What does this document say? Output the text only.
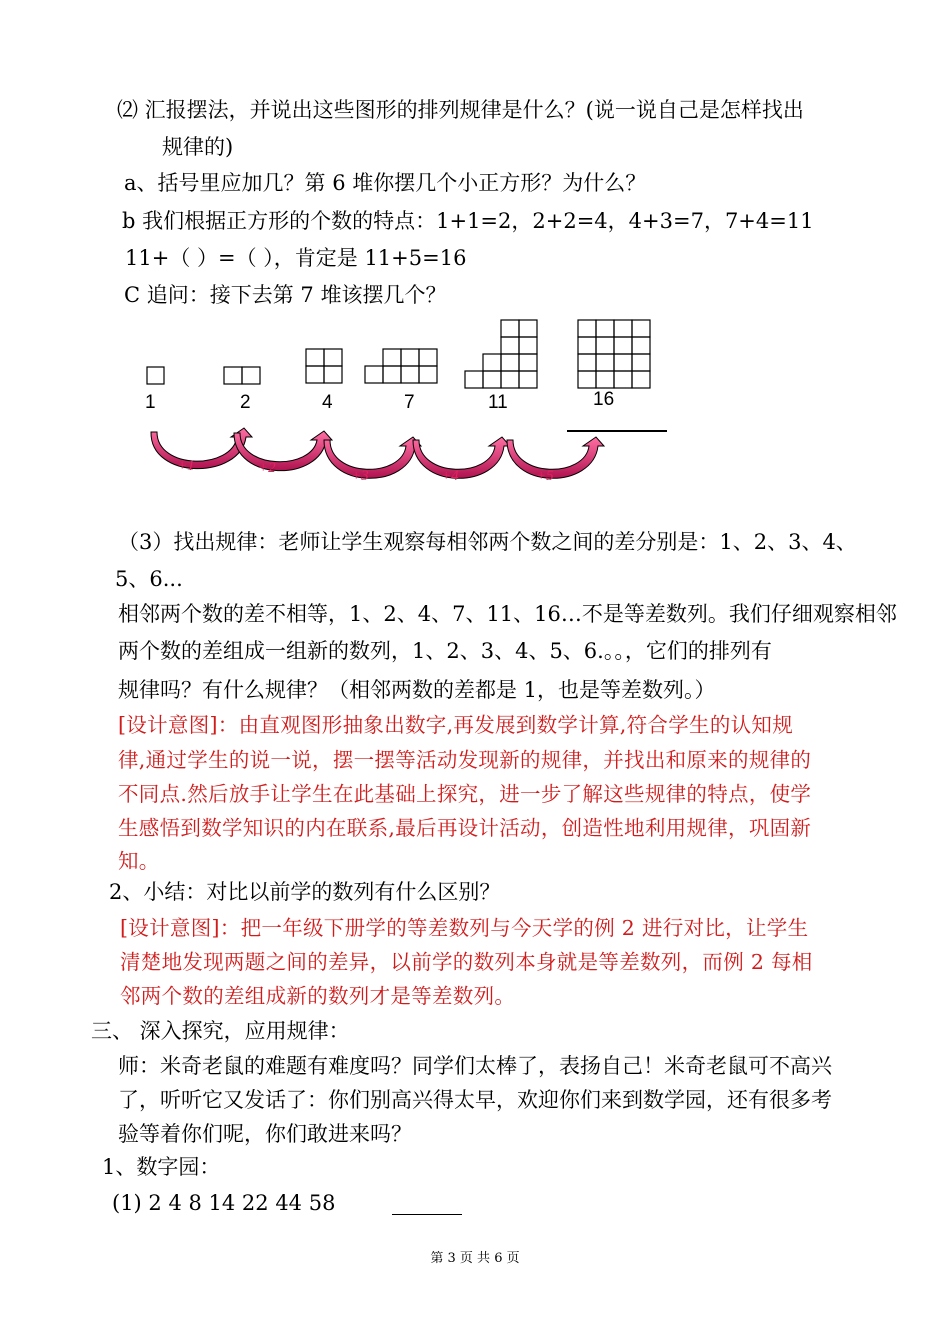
⑵ 汇报摆法，并说出这些图形的排列规律是什么？(说一说自己是怎样找出
规律的)
a、括号里应加几？第 6 堆你摆几个小正方形？为什么？
b 我们根据正方形的个数的特点：1+1=2，2+2=4，4+3=7，7+4=11
11+（ ）=（ ），肯定是 11+5=16
C 追问：接下去第 7 堆该摆几个？
1	2	4	7	11	16
+1	+2	+3	+4	+5
（3）找出规律：老师让学生观察每相邻两个数之间的差分别是：1、2、3、4、
5、6...
相邻两个数的差不相等，1、2、4、7、11、16…不是等差数列。我们仔细观察相邻
两个数的差组成一组新的数列，1、2、3、4、5、6.。。，它们的排列有
规律吗？有什么规律？（相邻两数的差都是 1，也是等差数列。）
[设计意图]：由直观图形抽象出数字,再发展到数学计算,符合学生的认知规
律,通过学生的说一说，摆一摆等活动发现新的规律，并找出和原来的规律的
不同点.然后放手让学生在此基础上探究，进一步了解这些规律的特点，使学
生感悟到数学知识的内在联系,最后再设计活动，创造性地利用规律，巩固新
知。
2、小结：对比以前学的数列有什么区别？
[设计意图]：把一年级下册学的等差数列与今天学的例 2 进行对比，让学生
清楚地发现两题之间的差异，以前学的数列本身就是等差数列，而例 2 每相
邻两个数的差组成新的数列才是等差数列。
三、 深入探究，应用规律：
师：米奇老鼠的难题有难度吗？同学们太棒了，表扬自己！米奇老鼠可不高兴
了，听听它又发话了：你们别高兴得太早，欢迎你们来到数学园，还有很多考
验等着你们呢，你们敢进来吗？
1、数字园：
(1) 2 4 8 14 22 44 58
第 3 页 共 6 页
